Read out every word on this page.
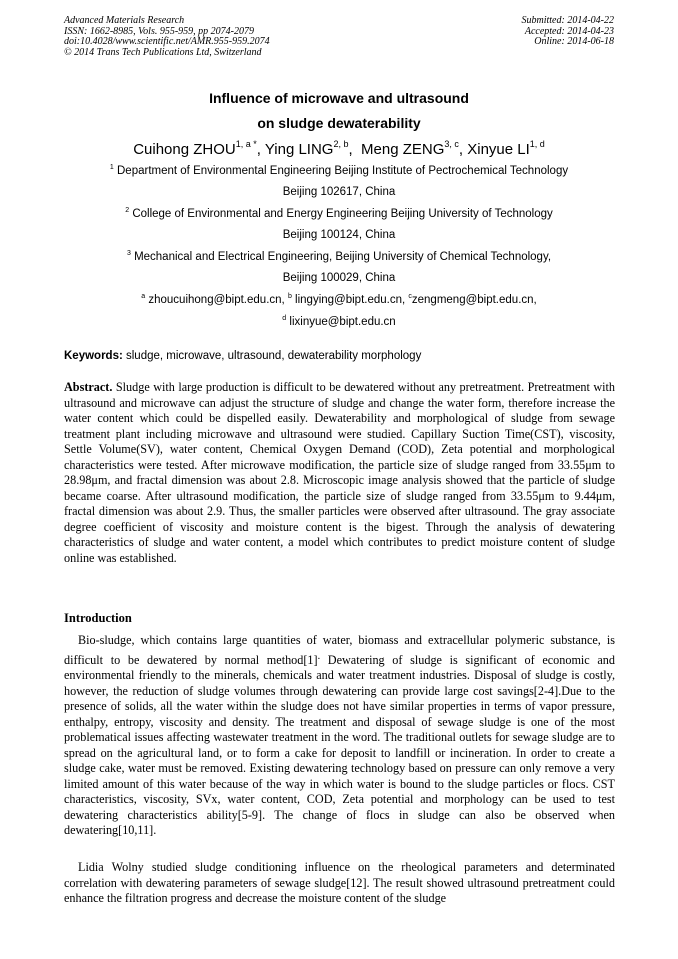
Advanced Materials Research
ISSN: 1662-8985, Vols. 955-959, pp 2074-2079
doi:10.4028/www.scientific.net/AMR.955-959.2074
© 2014 Trans Tech Publications Ltd, Switzerland
Submitted: 2014-04-22
Accepted: 2014-04-23
Online: 2014-06-18
Influence of microwave and ultrasound
on sludge dewaterability
Cuihong $ZHOU^{1, a *}$, Ying LING$^{2, b}$,  Meng ZENG$^{3, c}$, Xinyue LI$^{1, d}$
$^1$ Department of Environmental Engineering Beijing Institute of Pectrochemical Technology
Beijing 102617, China
$^2$ College of Environmental and Energy Engineering Beijing University of Technology
Beijing 100124, China
$^3$ Mechanical and Electrical Engineering, Beijing University of Chemical Technology,
Beijing 100029, China
$^a$ zhoucuihong@bipt.edu.cn, $^b$ lingying@bipt.edu.cn, $^c$zengmeng@bipt.edu.cn,
$^d$ lixinyue@bipt.edu.cn
Keywords: sludge, microwave, ultrasound, dewaterability morphology
Abstract. Sludge with large production is difficult to be dewatered without any pretreatment. Pretreatment with ultrasound and microwave can adjust the structure of sludge and change the water form, therefore increase the water content which could be dispelled easily. Dewaterability and morphological of sludge from sewage treatment plant including microwave and ultrasound were studied. Capillary Suction Time(CST), viscosity, Settle Volume(SV), water content, Chemical Oxygen Demand (COD), Zeta potential and morphological characteristics were tested. After microwave modification, the particle size of sludge ranged from 33.55μm to 28.98μm, and fractal dimension was about 2.8. Microscopic image analysis showed that the particle of sludge became coarse. After ultrasound modification, the particle size of sludge ranged from 33.55μm to 9.44μm, fractal dimension was about 2.9. Thus, the smaller particles were observed after ultrasound. The gray associate degree coefficient of viscosity and moisture content is the bigest. Through the analysis of dewatering characteristics of sludge and water content, a model which contributes to predict moisture content of sludge online was established.
Introduction
Bio-sludge, which contains large quantities of water, biomass and extracellular polymeric substance, is difficult to be dewatered by normal method[1]. Dewatering of sludge is significant of economic and environmental friendly to the minerals, chemicals and water treatment industries. Disposal of sludge is costly, however, the reduction of sludge volumes through dewatering can provide large cost savings[2-4].Due to the presence of solids, all the water within the sludge does not have similar properties in terms of vapor pressure, enthalpy, entropy, viscosity and density. The treatment and disposal of sewage sludge is one of the most problematical issues affecting wastewater treatment in the word. The traditional outlets for sewage sludge are to spread on the agricultural land, or to form a cake for deposit to landfill or incineration. In order to create a sludge cake, water must be removed. Existing dewatering technology based on pressure can only remove a very limited amount of this water because of the way in which water is bound to the sludge particles or flocs. CST characteristics, viscosity, SVx, water content, COD, Zeta potential and morphology can be used to test dewatering characteristics ability[5-9]. The change of flocs in sludge can also be observed when dewatering[10,11].
Lidia Wolny studied sludge conditioning influence on the rheological parameters and determinated correlation with dewatering parameters of sewage sludge[12]. The result showed ultrasound pretreatment could enhance the filtration progress and decrease the moisture content of the sludge
